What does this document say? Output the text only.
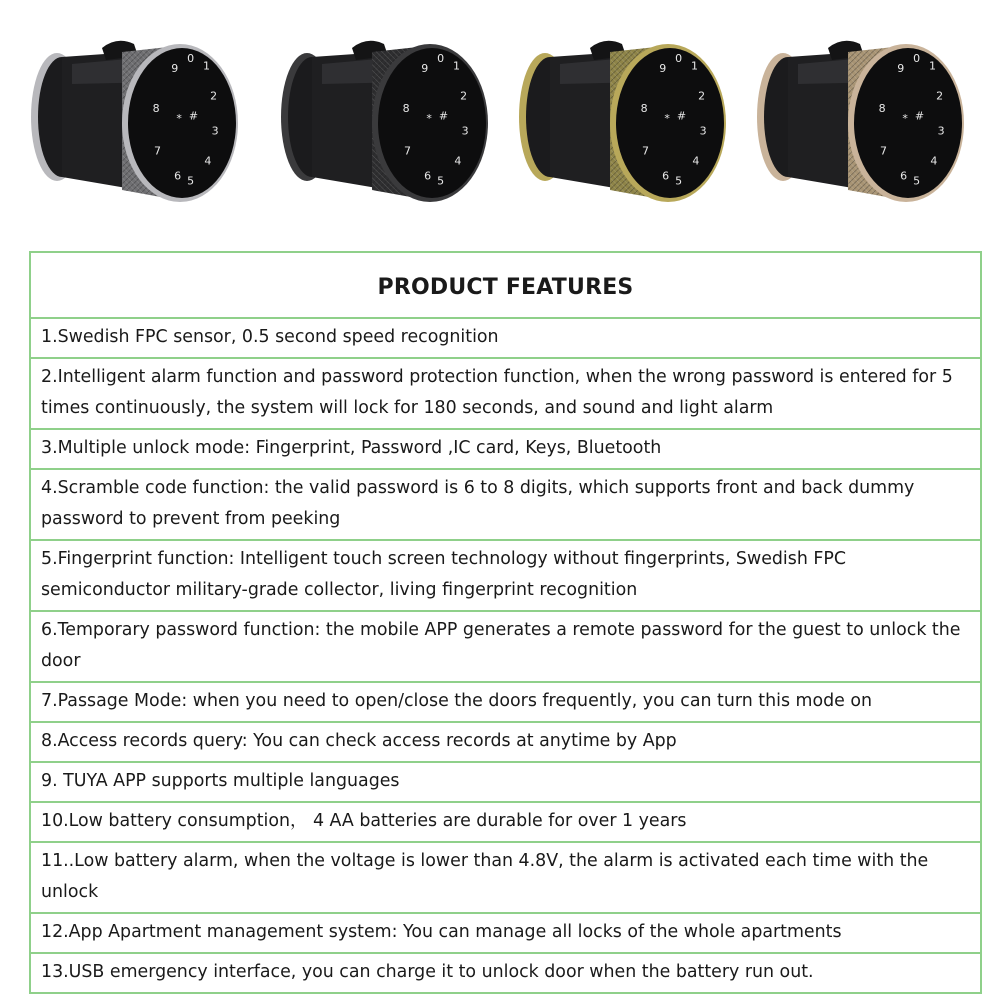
0
1
9
2
8
* #
3
7
4
6 5
0
1
9
2
8
* #
3
7
4
6 5
0
1
9
2
8
* #
3
7
4
6 5
0
1
9
2
8
* #
3
7
4
6 5
PRODUCT FEATURES
1.Swedish FPC sensor, 0.5 second speed recognition
2.Intelligent alarm function and password protection function, when the wrong password is entered for 5 times continuously, the system will lock for 180 seconds, and sound and light alarm
3.Multiple unlock mode: Fingerprint, Password ,IC card, Keys, Bluetooth
4.Scramble code function: the valid password is 6 to 8 digits, which supports front and back dummy password to prevent from peeking
5.Fingerprint function: Intelligent touch screen technology without fingerprints, Swedish FPC semiconductor military-grade collector, living fingerprint recognition
6.Temporary password function: the mobile APP generates a remote password for the guest to unlock the door
7.Passage Mode: when you need to open/close the doors frequently, you can turn this mode on
8.Access records query: You can check access records at anytime by App
9. TUYA APP supports multiple languages
10.Low battery consumption， 4 AA batteries are durable for over 1 years
11..Low battery alarm, when the voltage is lower than 4.8V, the alarm is activated each time with the unlock
12.App Apartment management system: You can manage all locks of the whole apartments
13.USB emergency interface, you can charge it to unlock door when the battery run out.
